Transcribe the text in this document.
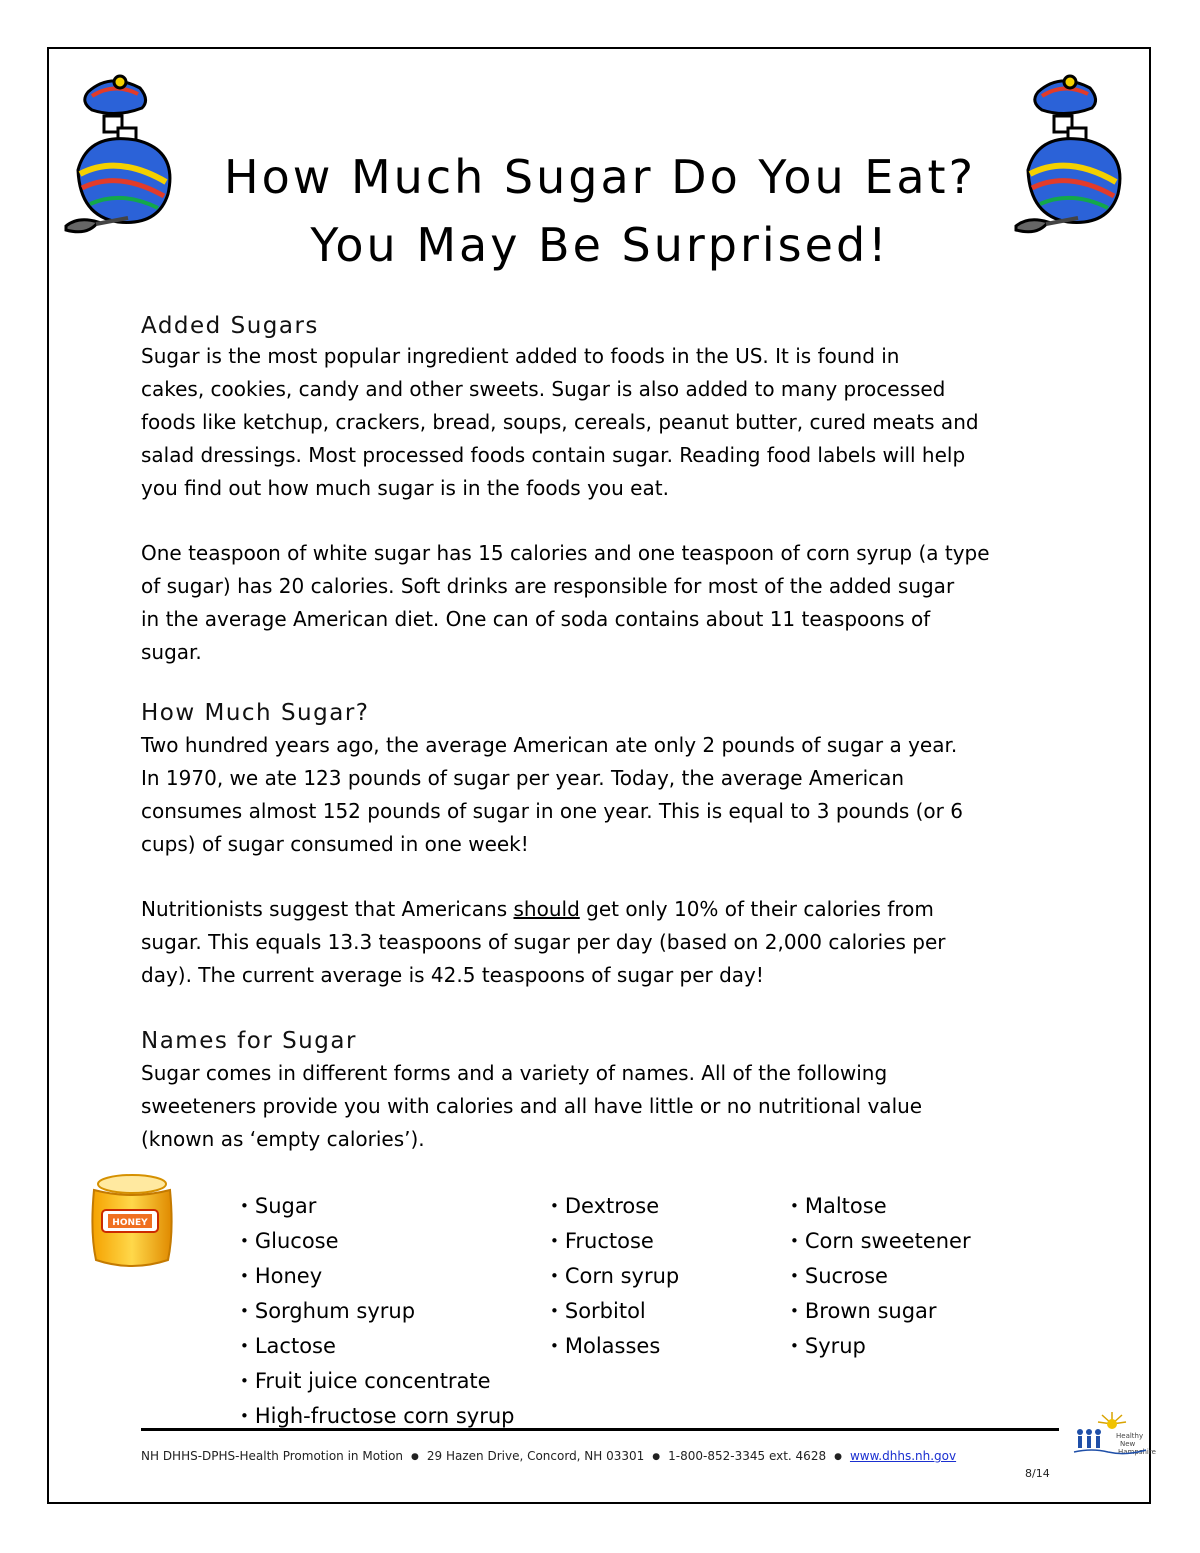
How Much Sugar Do You Eat?
You May Be Surprised!
Added Sugars
Sugar is the most popular ingredient added to foods in the US. It is found in
cakes, cookies, candy and other sweets. Sugar is also added to many processed
foods like ketchup, crackers, bread, soups, cereals, peanut butter, cured meats and
salad dressings. Most processed foods contain sugar. Reading food labels will help
you find out how much sugar is in the foods you eat.
One teaspoon of white sugar has 15 calories and one teaspoon of corn syrup (a type
of sugar) has 20 calories. Soft drinks are responsible for most of the added sugar
in the average American diet. One can of soda contains about 11 teaspoons of
sugar.
How Much Sugar?
Two hundred years ago, the average American ate only 2 pounds of sugar a year.
In 1970, we ate 123 pounds of sugar per year. Today, the average American
consumes almost 152 pounds of sugar in one year. This is equal to 3 pounds (or 6
cups) of sugar consumed in one week!
Nutritionists suggest that Americans should get only 10% of their calories from
sugar. This equals 13.3 teaspoons of sugar per day (based on 2,000 calories per
day). The current average is 42.5 teaspoons of sugar per day!
Names for Sugar
Sugar comes in different forms and a variety of names. All of the following
sweeteners provide you with calories and all have little or no nutritional value
(known as ‘empty calories’).
HONEY
• Sugar
• Glucose
• Honey
• Sorghum syrup
• Lactose
• Fruit juice concentrate
• High-fructose corn syrup
• Dextrose
• Fructose
• Corn syrup
• Sorbitol
• Molasses
• Maltose
• Corn sweetener
• Sucrose
• Brown sugar
• Syrup
NH DHHS-DPHS-Health Promotion in Motion ● 29 Hazen Drive, Concord, NH 03301 ● 1-800-852-3345 ext. 4628 ● www.dhhs.nh.gov
8/14
Healthy
New
Hampshire
